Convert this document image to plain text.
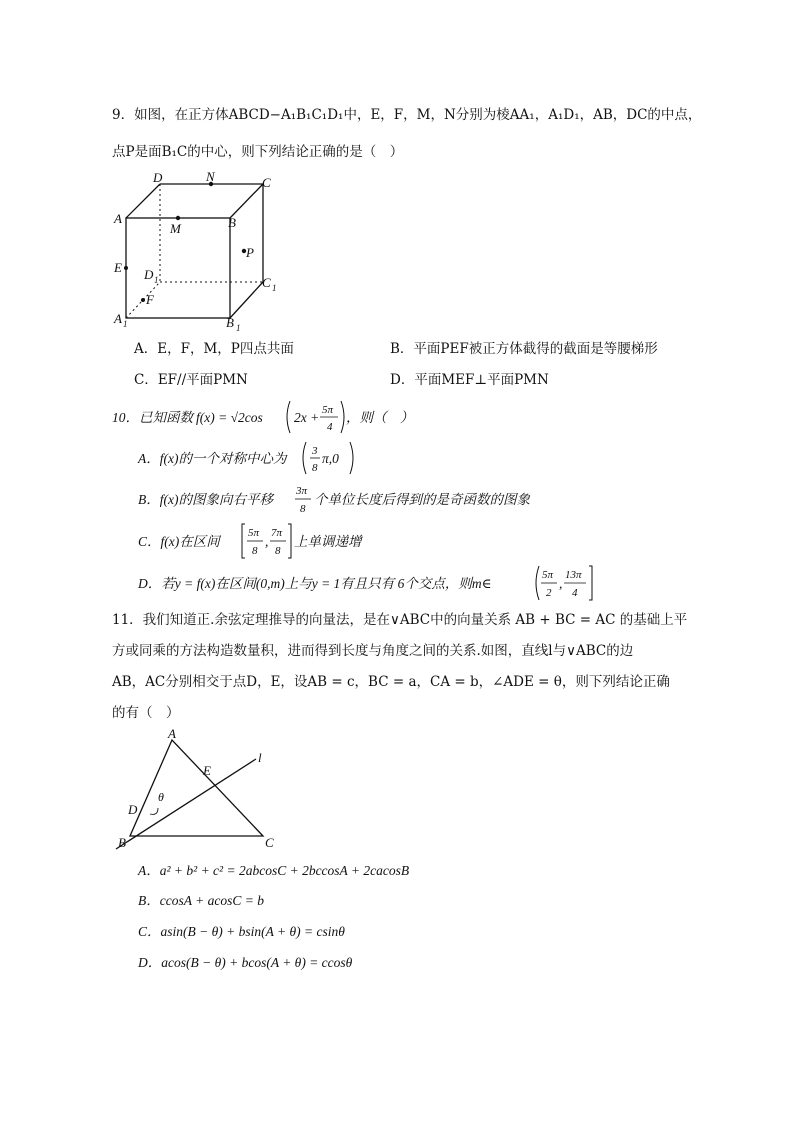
9．如图，在正方体ABCD−A₁B₁C₁D₁中，E，F，M，N分别为棱AA₁，A₁D₁，AB，DC的中点，
点P是面B₁C的中心，则下列结论正确的是（　）
D	N	C
A
M	B
P
E D 1	C 1
F
A 1	B 1
A．E，F，M，P四点共面	B．平面PEF被正方体截得的截面是等腰梯形
C．EF//平面PMN	D．平面MEF⊥平面PMN
10．已知函数 f(x) = √2cos 2x + 5π
4
，则（　）
A．f(x)的一个对称中心为 3
8
π,0
B．f(x)的图象向右平移
3π
8
个单位长度后得到的是奇函数的图象
C．f(x)在区间
5π
8
,
7π
8
上单调递增
D．若y = f(x)在区间(0,m)上与y = 1有且只有 6个交点，则m∈
5π
2
,
13π
4
11．我们知道正.余弦定理推导的向量法，是在∨ABC中的向量关系 AB + BC = AC 的基础上平
方或同乘的方法构造数量积，进而得到长度与角度之间的关系.如图，直线l与∨ABC的边
AB，AC分别相交于点D，E，设AB = c，BC = a，CA = b，∠ADE = θ，则下列结论正确
的有（　）
A
E
l
θ
D
B	C
A．a² + b² + c² = 2abcosC + 2bccosA + 2cacosB
B．ccosA + acosC = b
C．asin(B − θ) + bsin(A + θ) = csinθ
D．acos(B − θ) + bcos(A + θ) = ccosθ
